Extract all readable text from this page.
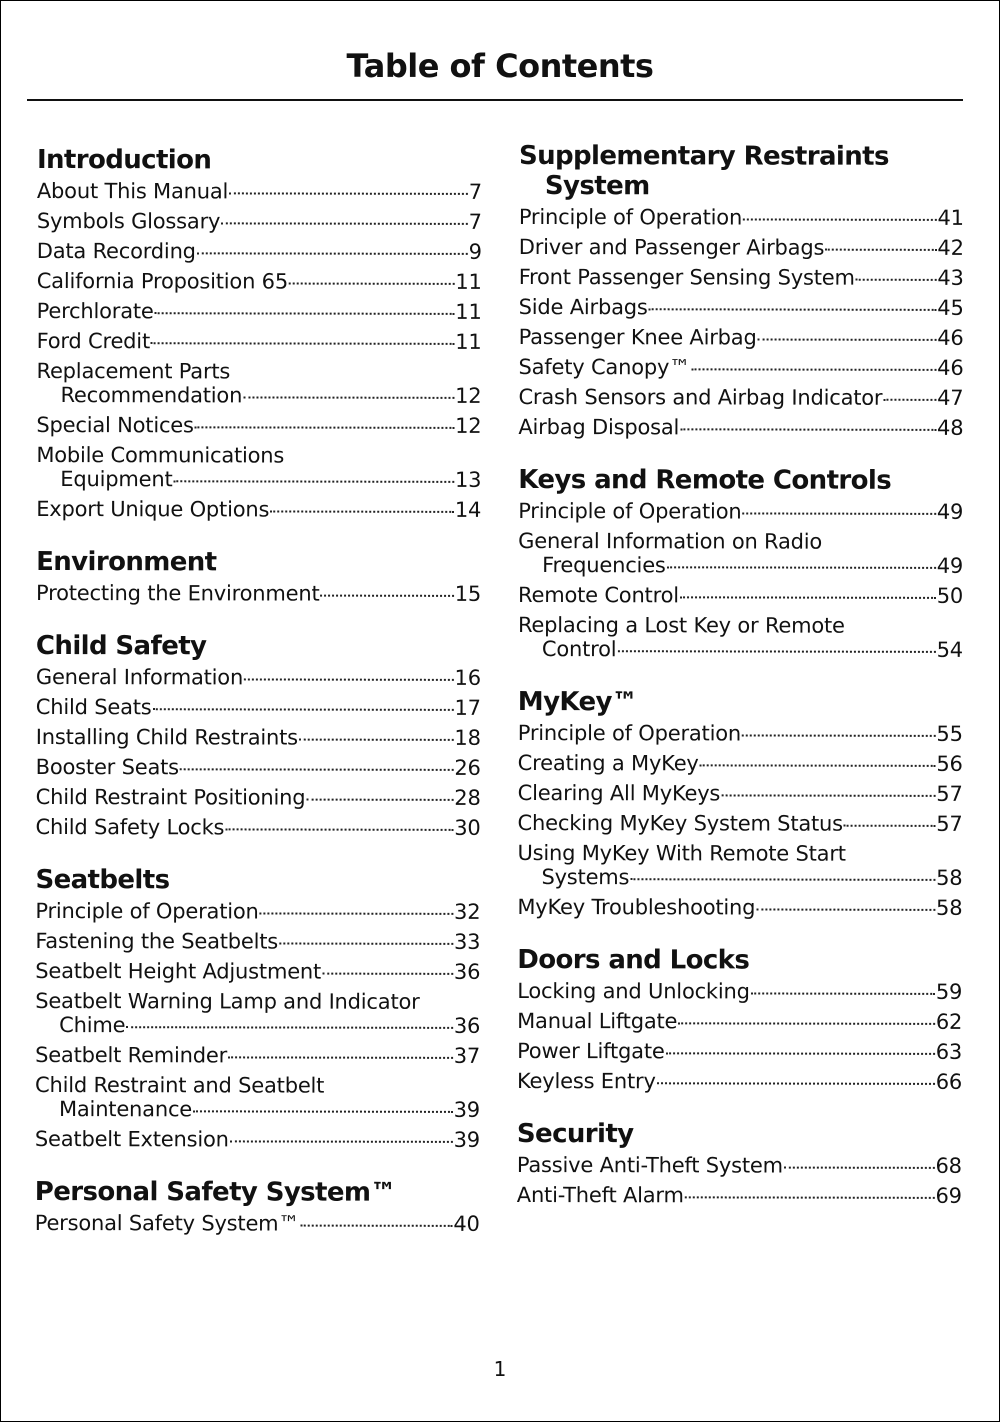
Table of Contents
Introduction
About This Manual	7
Symbols Glossary	7
Data Recording	9
California Proposition 65	11
Perchlorate	11
Ford Credit	11
Replacement Parts
Recommendation	12
Special Notices	12
Mobile Communications
Equipment	13
Export Unique Options	14
Environment
Protecting the Environment	15
Child Safety
General Information	16
Child Seats	17
Installing Child Restraints	18
Booster Seats	26
Child Restraint Positioning	28
Child Safety Locks	30
Seatbelts
Principle of Operation	32
Fastening the Seatbelts	33
Seatbelt Height Adjustment	36
Seatbelt Warning Lamp and Indicator
Chime	36
Seatbelt Reminder	37
Child Restraint and Seatbelt
Maintenance	39
Seatbelt Extension	39
Personal Safety System™
Personal Safety System™	40
Supplementary Restraints
System
Principle of Operation	41
Driver and Passenger Airbags	42
Front Passenger Sensing System	43
Side Airbags	45
Passenger Knee Airbag	46
Safety Canopy™	46
Crash Sensors and Airbag Indicator	47
Airbag Disposal	48
Keys and Remote Controls
Principle of Operation	49
General Information on Radio
Frequencies	49
Remote Control	50
Replacing a Lost Key or Remote
Control	54
MyKey™
Principle of Operation	55
Creating a MyKey	56
Clearing All MyKeys	57
Checking MyKey System Status	57
Using MyKey With Remote Start
Systems	58
MyKey Troubleshooting	58
Doors and Locks
Locking and Unlocking	59
Manual Liftgate	62
Power Liftgate	63
Keyless Entry	66
Security
Passive Anti-Theft System	68
Anti-Theft Alarm	69
1
